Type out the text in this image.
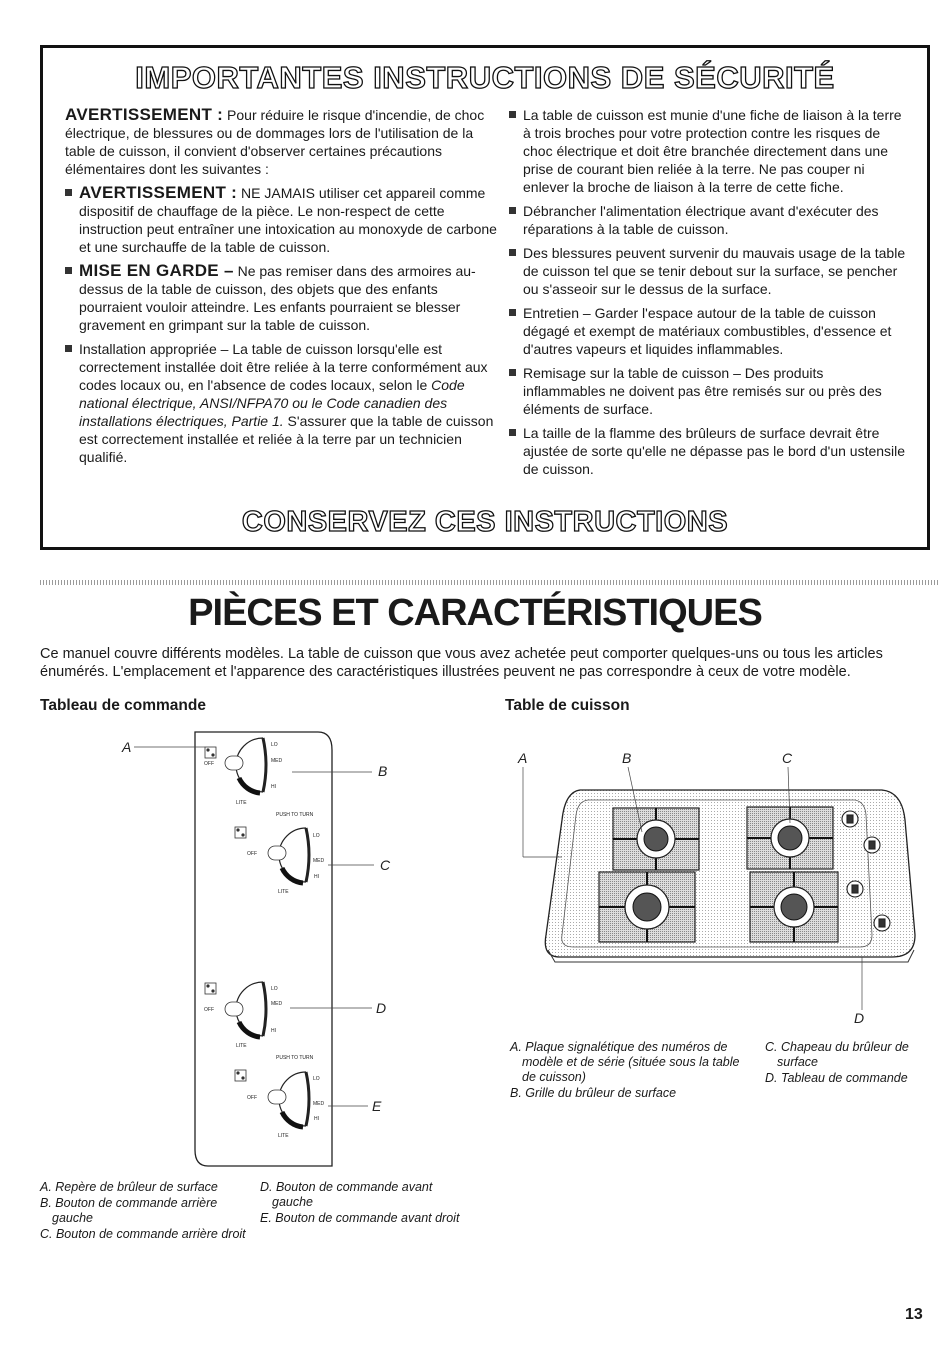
IMPORTANTES INSTRUCTIONS DE SÉCURITÉ

AVERTISSEMENT : Pour réduire le risque d'incendie, de choc électrique, de blessures ou de dommages lors de l'utilisation de la table de cuisson, il convient d'observer certaines précautions élémentaires dont les suivantes :

AVERTISSEMENT : NE JAMAIS utiliser cet appareil comme dispositif de chauffage de la pièce. Le non-respect de cette instruction peut entraîner une intoxication au monoxyde de carbone et une surchauffe de la table de cuisson.
MISE EN GARDE – Ne pas remiser dans des armoires au-dessus de la table de cuisson, des objets que des enfants pourraient vouloir atteindre. Les enfants pourraient se blesser gravement en grimpant sur la table de cuisson.
Installation appropriée – La table de cuisson lorsqu'elle est correctement installée doit être reliée à la terre conformément aux codes locaux ou, en l'absence de codes locaux, selon le Code national électrique, ANSI/NFPA70 ou le Code canadien des installations électriques, Partie 1. S'assurer que la table de cuisson est correctement installée et reliée à la terre par un technicien qualifié.
La table de cuisson est munie d'une fiche de liaison à la terre à trois broches pour votre protection contre les risques de choc électrique et doit être branchée directement dans une prise de courant bien reliée à la terre. Ne pas couper ni enlever la broche de liaison à la terre de cette fiche.
Débrancher l'alimentation électrique avant d'exécuter des réparations à la table de cuisson.
Des blessures peuvent survenir du mauvais usage de la table de cuisson tel que se tenir debout sur la surface, se pencher ou s'asseoir sur le dessus de la surface.
Entretien – Garder l'espace autour de la table de cuisson dégagé et exempt de matériaux combustibles, d'essence et d'autres vapeurs et liquides inflammables.
Remisage sur la table de cuisson – Des produits inflammables ne doivent pas être remisés sur ou près des éléments de surface.
La taille de la flamme des brûleurs de surface devrait être ajustée de sorte qu'elle ne dépasse pas le bord d'un ustensile de cuisson.
CONSERVEZ CES INSTRUCTIONS
PIÈCES ET CARACTÉRISTIQUES
Ce manuel couvre différents modèles. La table de cuisson que vous avez achetée peut comporter quelques-uns ou tous les articles énumérés. L'emplacement et l'apparence des caractéristiques illustrées peuvent ne pas correspondre à ceux de votre modèle.
Tableau de commande	Table de cuisson
OFF
LO
MED
HI
LITE
PUSH TO TURN
OFF
LO
MED
HI
LITE
OFF
LO
MED
HI
LITE
PUSH TO TURN
OFF
LO
MED
HI
LITE
A
B
C
D
E
A	B	C
D
A. Repère de brûleur de surface
B. Bouton de commande arrière gauche
C. Bouton de commande arrière droit
D. Bouton de commande avant gauche
E. Bouton de commande avant droit
A. Plaque signalétique des numéros de modèle et de série (située sous la table de cuisson)
B. Grille du brûleur de surface
C. Chapeau du brûleur de surface
D. Tableau de commande
13
